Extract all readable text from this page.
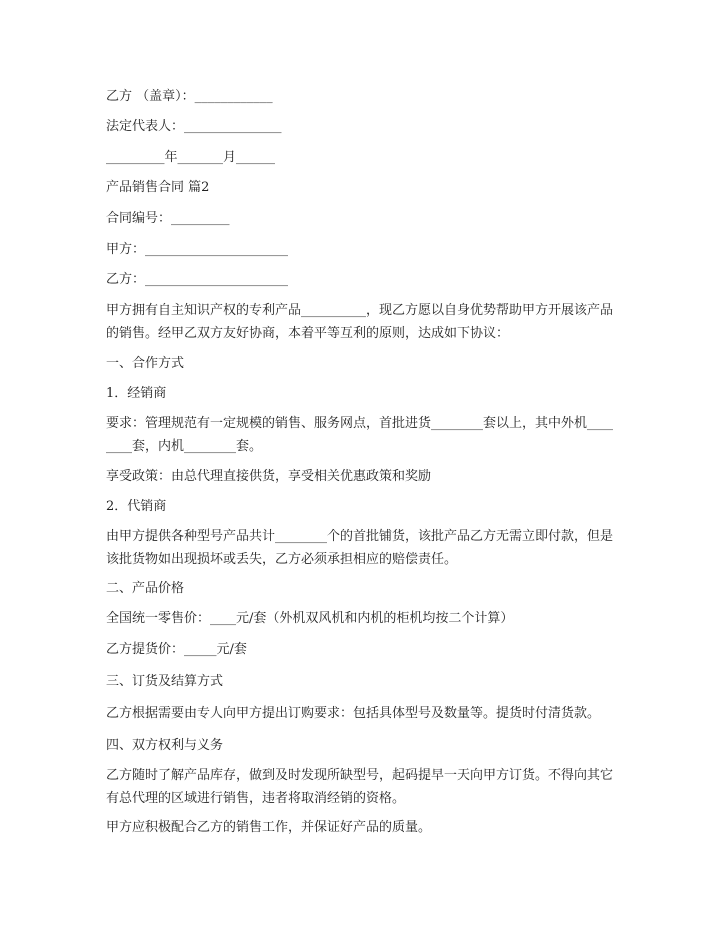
乙方 （盖章）：____________

法定代表人：_______________

_________年_______月______

产品销售合同 篇2

合同编号：_________

甲方：______________________

乙方：______________________

甲方拥有自主知识产权的专利产品__________，现乙方愿以自身优势帮助甲方开展该产品的销售。经甲乙双方友好协商，本着平等互利的原则，达成如下协议：

一、合作方式

1．经销商

要求：管理规范有一定规模的销售、服务网点，首批进货________套以上，其中外机________套，内机________套。

享受政策：由总代理直接供货，享受相关优惠政策和奖励

2．代销商

由甲方提供各种型号产品共计________个的首批铺货，该批产品乙方无需立即付款，但是该批货物如出现损坏或丢失，乙方必须承担相应的赔偿责任。

二、产品价格

全国统一零售价：____元/套（外机双风机和内机的柜机均按二个计算）

乙方提货价：_____元/套

三、订货及结算方式

乙方根据需要由专人向甲方提出订购要求：包括具体型号及数量等。提货时付清货款。

四、双方权利与义务

乙方随时了解产品库存，做到及时发现所缺型号，起码提早一天向甲方订货。不得向其它有总代理的区域进行销售，违者将取消经销的资格。

甲方应积极配合乙方的销售工作，并保证好产品的质量。
